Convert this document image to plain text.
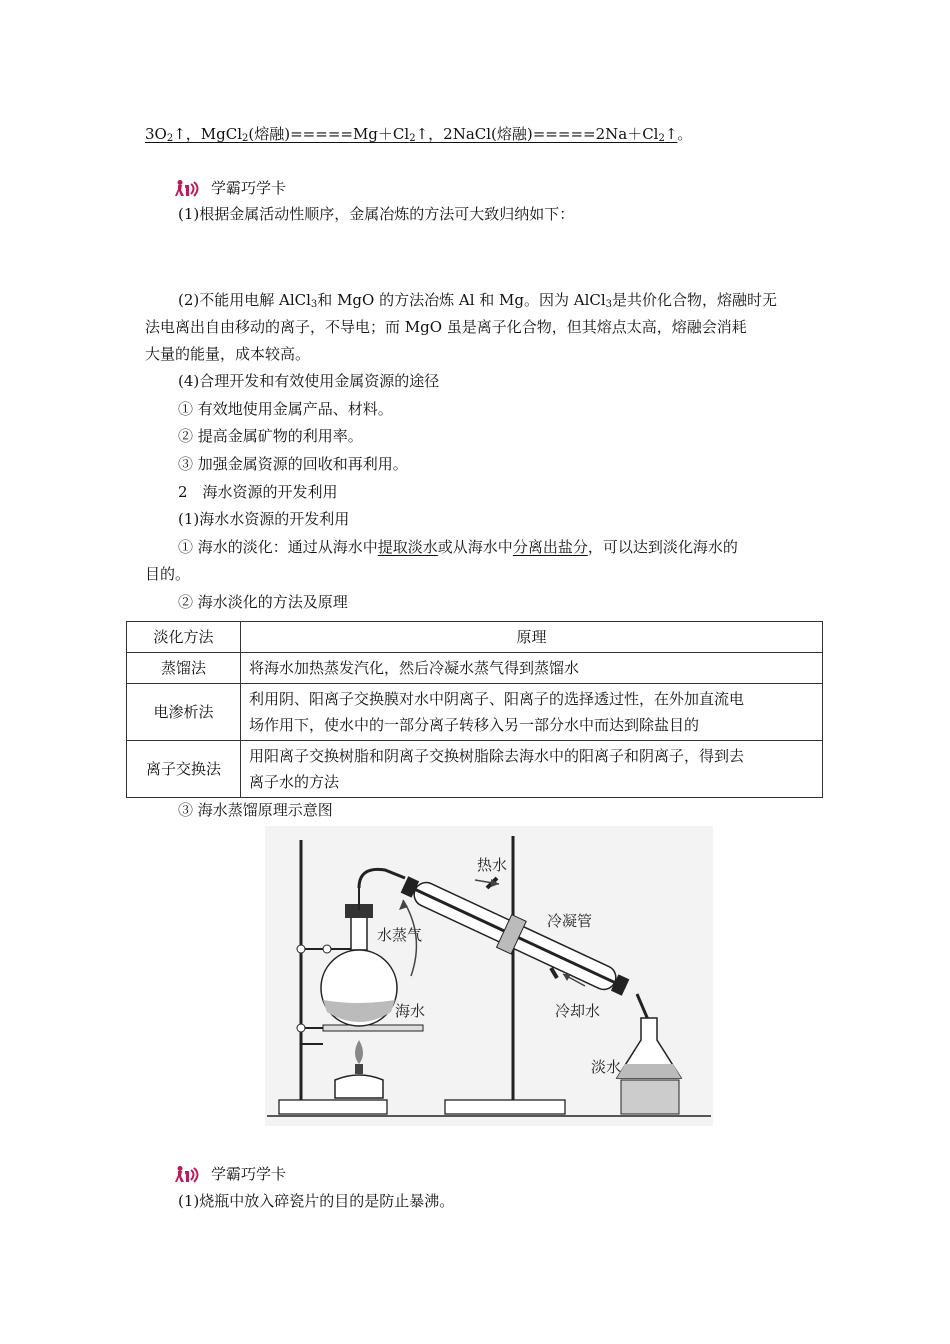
$3O_2↑$，MgCl$_2$(熔融)$=====Mg+Cl_2↑$，2NaCl(熔融)$=====2Na+Cl_2↑$。
学霸巧学卡
(1)根据金属活动性顺序，金属冶炼的方法可大致归纳如下：
(2)不能用电解 AlCl$_3$和 MgO 的方法冶炼 Al 和 Mg。因为 AlCl$_3$是共价化合物，熔融时无
法电离出自由移动的离子，不导电；而 MgO 虽是离子化合物，但其熔点太高，熔融会消耗
大量的能量，成本较高。
(4)合理开发和有效使用金属资源的途径
① 有效地使用金属产品、材料。
② 提高金属矿物的利用率。
③ 加强金属资源的回收和再利用。
2　海水资源的开发利用
(1)海水水资源的开发利用
① 海水的淡化：通过从海水中提取淡水或从海水中分离出盐分，可以达到淡化海水的
目的。
② 海水淡化的方法及原理
淡化方法	原理
蒸馏法	将海水加热蒸发汽化，然后冷凝水蒸气得到蒸馏水
电渗析法	利用阴、阳离子交换膜对水中阴离子、阳离子的选择透过性，在外加直流电
场作用下，使水中的一部分离子转移入另一部分水中而达到除盐目的
离子交换法	用阳离子交换树脂和阴离子交换树脂除去海水中的阳离子和阴离子，得到去
离子水的方法
③ 海水蒸馏原理示意图
热水
冷凝管
水蒸气
海水	冷却水
淡水
学霸巧学卡
(1)烧瓶中放入碎瓷片的目的是防止暴沸。
